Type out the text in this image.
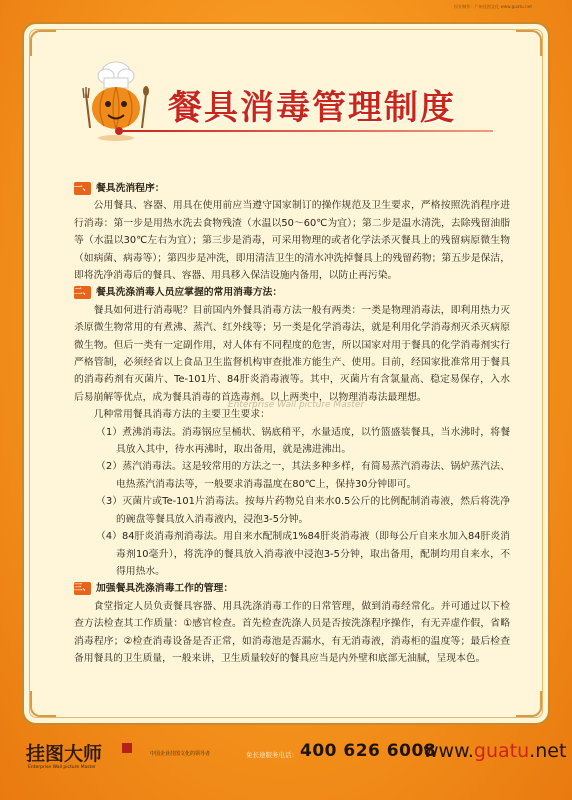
设计制作：广州佳图文化 www.guatu.net
餐具消毒管理制度
一、 餐具洗消程序：

公用餐具、容器、用具在使用前应当遵守国家制订的操作规范及卫生要求，严格按照洗消程序进行消毒：第一步是用热水洗去食物残渣（水温以50～60℃为宜）；第二步是温水清洗，去除残留油脂等（水温以30℃左右为宜）；第三步是消毒，可采用物理的或者化学法杀灭餐具上的残留病原微生物（如病菌、病毒等）；第四步是冲洗，即用清洁卫生的清水冲洗掉餐具上的残留药物；第五步是保洁，即将洗净消毒后的餐具、容器、用具移入保洁设施内备用，以防止再污染。

二、 餐具洗涤消毒人员应掌握的常用消毒方法：

餐具如何进行消毒呢？目前国内外餐具消毒方法一般有两类：一类是物理消毒法，即利用热力灭杀原微生物常用的有煮沸、蒸汽、红外线等；另一类是化学消毒法，就是利用化学消毒剂灭杀灭病原微生物。但后一类有一定副作用，对人体有不同程度的危害，所以国家对用于餐具的化学消毒剂实行严格管制，必须经省以上食品卫生监督机构审查批准方能生产、使用。目前，经国家批准常用于餐具的消毒药剂有灭菌片、Te-101片、84肝炎消毒液等。其中，灭菌片有含氯量高、稳定易保存，入水后易崩解等优点，成为餐具消毒的首选毒剂。以上两类中，以物理消毒法最理想。

几种常用餐具消毒方法的主要卫生要求：

（1）煮沸消毒法。消毒锅应呈桶状、锅底稍平，水量适度，以竹篮盛装餐具，当水沸时，将餐具放入其中，待水再沸时，取出备用，就是沸进沸出。

（2）蒸汽消毒法。这是较常用的方法之一，其法多种多样，有简易蒸汽消毒法、锅炉蒸汽法、电热蒸汽消毒法等，一般要求消毒温度在80℃上，保持30分钟即可。

（3）灭菌片或Te-101片消毒法。按每片药物兑自来水0.5公斤的比例配制消毒液，然后将洗净的碗盘等餐具放入消毒液内，浸泡3-5分钟。

（4）84肝炎消毒剂消毒法。用自来水配制成1%84肝炎消毒液（即每公斤自来水加入84肝炎消毒剂10毫升），将洗净的餐具放入消毒液中浸泡3-5分钟，取出备用，配制均用自来水，不得用热水。

三、 加强餐具洗涤消毒工作的管理：

食堂指定人员负责餐具容器、用具洗涤消毒工作的日常管理，做到消毒经常化。并可通过以下检查方法检查其工作质量：①感官检查。首先检查洗涤人员是否按洗涤程序操作，有无弄虚作假，省略消毒程序；②检查消毒设备是否正常，如消毒池是否漏水，有无消毒液，消毒柜的温度等；最后检查备用餐具的卫生质量，一般来讲，卫生质量较好的餐具应当是内外壁和底部无油腻，呈现本色。

Enterprise Wall picture Master
挂图大师
Enterprise Wall picture Master
中国企业挂图文化的领导者	免长途服务电话： 400 626 6008
www.guatu.net
